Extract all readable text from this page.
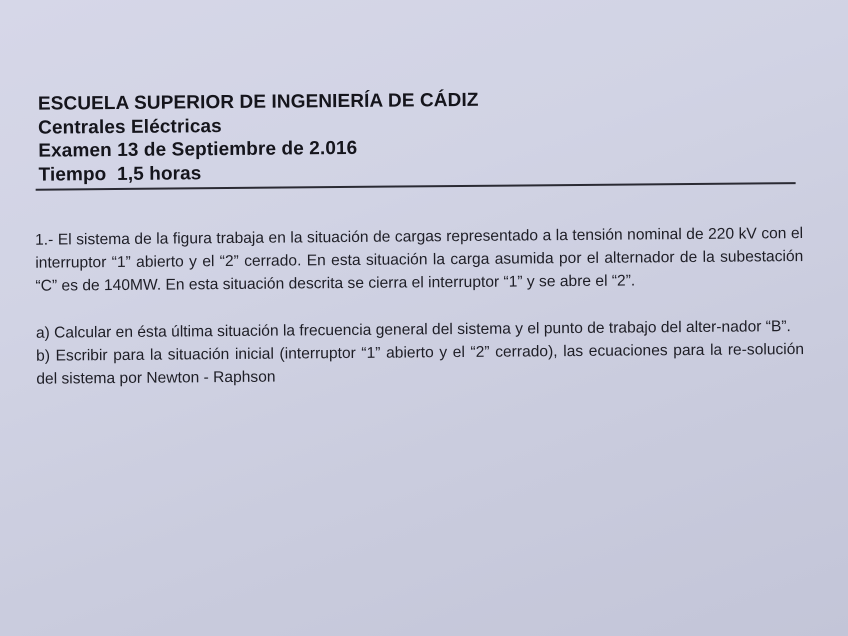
ESCUELA SUPERIOR DE INGENIERÍA DE CÁDIZ
Centrales Eléctricas
Examen 13 de Septiembre de 2.016
Tiempo  1,5 horas

1.- El sistema de la figura trabaja en la situación de cargas representado a la tensión nominal de 220 kV con el interruptor “1” abierto y el “2” cerrado. En esta situación la carga asumida por el alternador de la subestación “C” es de 140MW. En esta situación descrita se cierra el interruptor “1” y se abre el “2”.

a) Calcular en ésta última situación la frecuencia general del sistema y el punto de trabajo del alter-nador “B”.

b) Escribir para la situación inicial (interruptor “1” abierto y el “2” cerrado), las ecuaciones para la re-solución del sistema por Newton - Raphson
